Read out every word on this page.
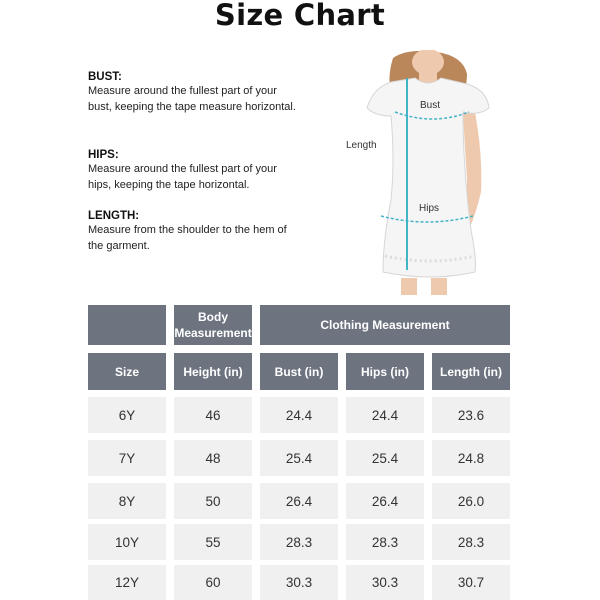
Size Chart
BUST:
Measure around the fullest part of your bust, keeping the tape measure horizontal.
HIPS:
Measure around the fullest part of your hips, keeping the tape horizontal.
LENGTH:
Measure from the shoulder to the hem of the garment.
Bust
Length
Hips
Body Measurement
Clothing Measurement
Size	Height (in)	Bust (in)	Hips (in)	Length (in)
6Y	46	24.4	24.4	23.6
7Y	48	25.4	25.4	24.8
8Y	50	26.4	26.4	26.0
10Y	55	28.3	28.3	28.3
12Y	60	30.3	30.3	30.7
